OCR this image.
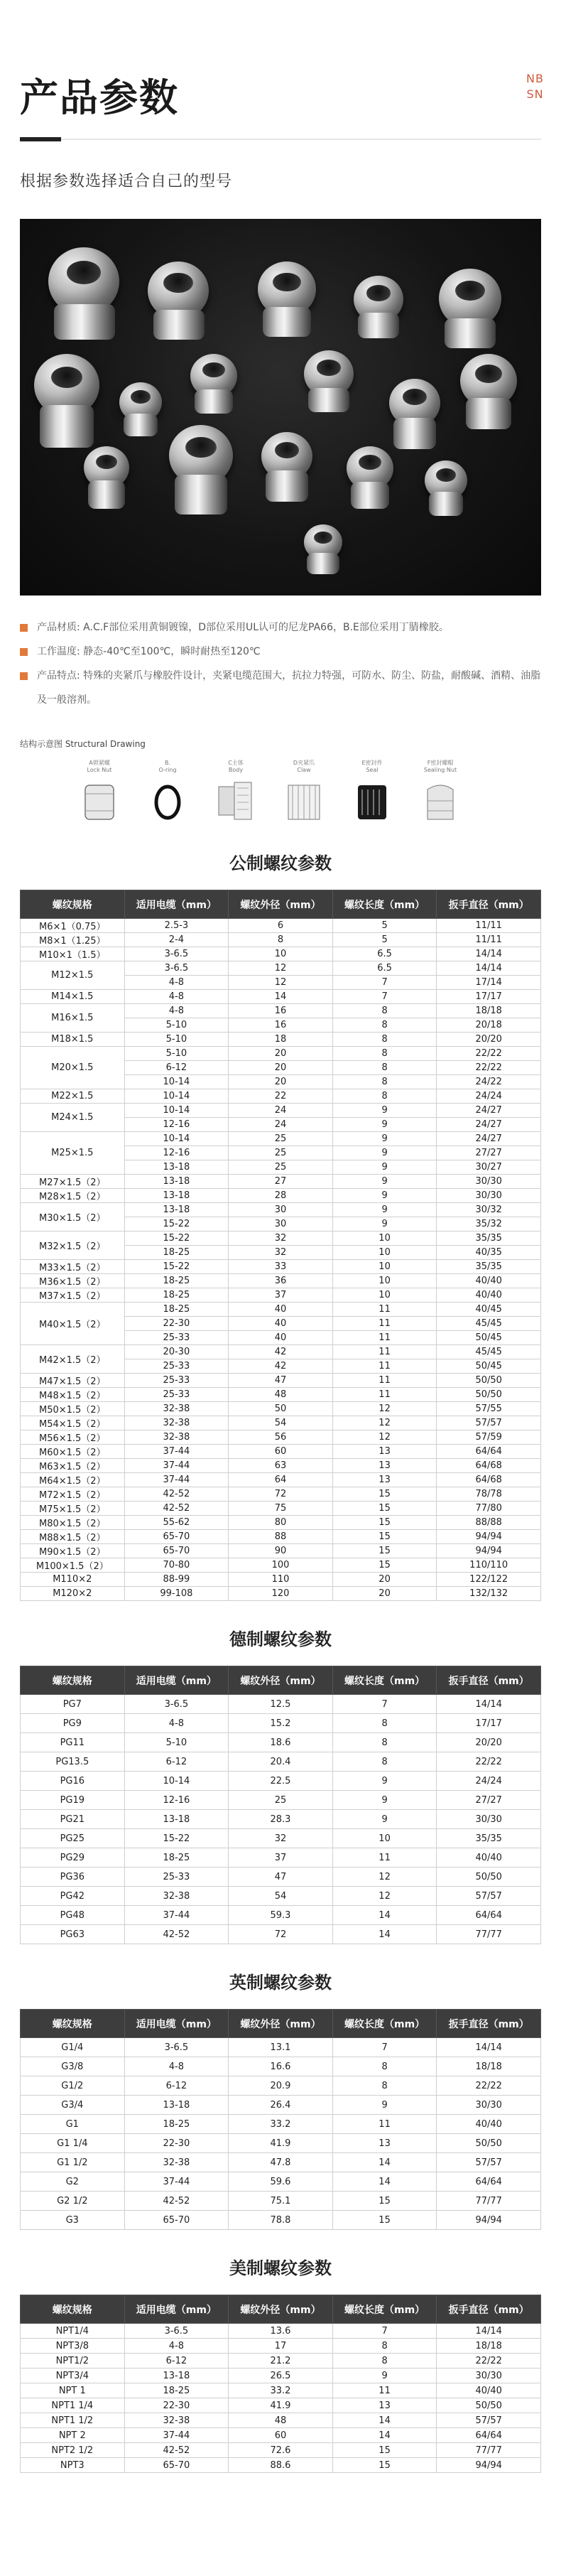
产品参数	NB
SN
根据参数选择适合自己的型号
产品材质: A.C.F部位采用黄铜镀镍，D部位采用UL认可的尼龙PA66，B.E部位采用丁腈橡胶。
工作温度: 静态-40℃至100℃，瞬时耐热至120℃
产品特点: 特殊的夹紧爪与橡胶件设计，夹紧电缆范围大，抗拉力特强，可防水、防尘、防盐，耐酸碱、酒精、油脂及一般溶剂。
结构示意图 Structural Drawing
A锁紧螺
Lock Nut
B.
O-ring
C主体
Body
D夹紧爪
Claw
E密封件
Seal
F密封螺帽
Sealing Nut
公制螺纹参数
螺纹规格	适用电缆（mm）	螺纹外径（mm）	螺纹长度（mm）	扳手直径（mm）
M6×1（0.75）	2.5-3	6	5	11/11
M8×1（1.25）	2-4	8	5	11/11
M10×1（1.5）	3-6.5	10	6.5	14/14
M12×1.5	3-6.5	12	6.5	14/14
	4-8	12	7	17/14
M14×1.5	4-8	14	7	17/17
M16×1.5	4-8	16	8	18/18
	5-10	16	8	20/18
M18×1.5	5-10	18	8	20/20
M20×1.5	5-10	20	8	22/22
	6-12	20	8	22/22
	10-14	20	8	24/22
M22×1.5	10-14	22	8	24/24
M24×1.5	10-14	24	9	24/27
	12-16	24	9	24/27
M25×1.5	10-14	25	9	24/27
	12-16	25	9	27/27
	13-18	25	9	30/27
M27×1.5（2）	13-18	27	9	30/30
M28×1.5（2）	13-18	28	9	30/30
M30×1.5（2）	13-18	30	9	30/32
	15-22	30	9	35/32
M32×1.5（2）	15-22	32	10	35/35
	18-25	32	10	40/35
M33×1.5（2）	15-22	33	10	35/35
M36×1.5（2）	18-25	36	10	40/40
M37×1.5（2）	18-25	37	10	40/40
M40×1.5（2）	18-25	40	11	40/45
	22-30	40	11	45/45
	25-33	40	11	50/45
M42×1.5（2）	20-30	42	11	45/45
	25-33	42	11	50/45
M47×1.5（2）	25-33	47	11	50/50
M48×1.5（2）	25-33	48	11	50/50
M50×1.5（2）	32-38	50	12	57/55
M54×1.5（2）	32-38	54	12	57/57
M56×1.5（2）	32-38	56	12	57/59
M60×1.5（2）	37-44	60	13	64/64
M63×1.5（2）	37-44	63	13	64/68
M64×1.5（2）	37-44	64	13	64/68
M72×1.5（2）	42-52	72	15	78/78
M75×1.5（2）	42-52	75	15	77/80
M80×1.5（2）	55-62	80	15	88/88
M88×1.5（2）	65-70	88	15	94/94
M90×1.5（2）	65-70	90	15	94/94
M100×1.5（2）	70-80	100	15	110/110
M110×2	88-99	110	20	122/122
M120×2	99-108	120	20	132/132
德制螺纹参数
螺纹规格	适用电缆（mm）	螺纹外径（mm）	螺纹长度（mm）	扳手直径（mm）
PG7	3-6.5	12.5	7	14/14
PG9	4-8	15.2	8	17/17
PG11	5-10	18.6	8	20/20
PG13.5	6-12	20.4	8	22/22
PG16	10-14	22.5	9	24/24
PG19	12-16	25	9	27/27
PG21	13-18	28.3	9	30/30
PG25	15-22	32	10	35/35
PG29	18-25	37	11	40/40
PG36	25-33	47	12	50/50
PG42	32-38	54	12	57/57
PG48	37-44	59.3	14	64/64
PG63	42-52	72	14	77/77
英制螺纹参数
螺纹规格	适用电缆（mm）	螺纹外径（mm）	螺纹长度（mm）	扳手直径（mm）
G1/4	3-6.5	13.1	7	14/14
G3/8	4-8	16.6	8	18/18
G1/2	6-12	20.9	8	22/22
G3/4	13-18	26.4	9	30/30
G1	18-25	33.2	11	40/40
G1 1/4	22-30	41.9	13	50/50
G1 1/2	32-38	47.8	14	57/57
G2	37-44	59.6	14	64/64
G2 1/2	42-52	75.1	15	77/77
G3	65-70	78.8	15	94/94
美制螺纹参数
螺纹规格	适用电缆（mm）	螺纹外径（mm）	螺纹长度（mm）	扳手直径（mm）
NPT1/4	3-6.5	13.6	7	14/14
NPT3/8	4-8	17	8	18/18
NPT1/2	6-12	21.2	8	22/22
NPT3/4	13-18	26.5	9	30/30
NPT 1	18-25	33.2	11	40/40
NPT1 1/4	22-30	41.9	13	50/50
NPT1 1/2	32-38	48	14	57/57
NPT 2	37-44	60	14	64/64
NPT2 1/2	42-52	72.6	15	77/77
NPT3	65-70	88.6	15	94/94
